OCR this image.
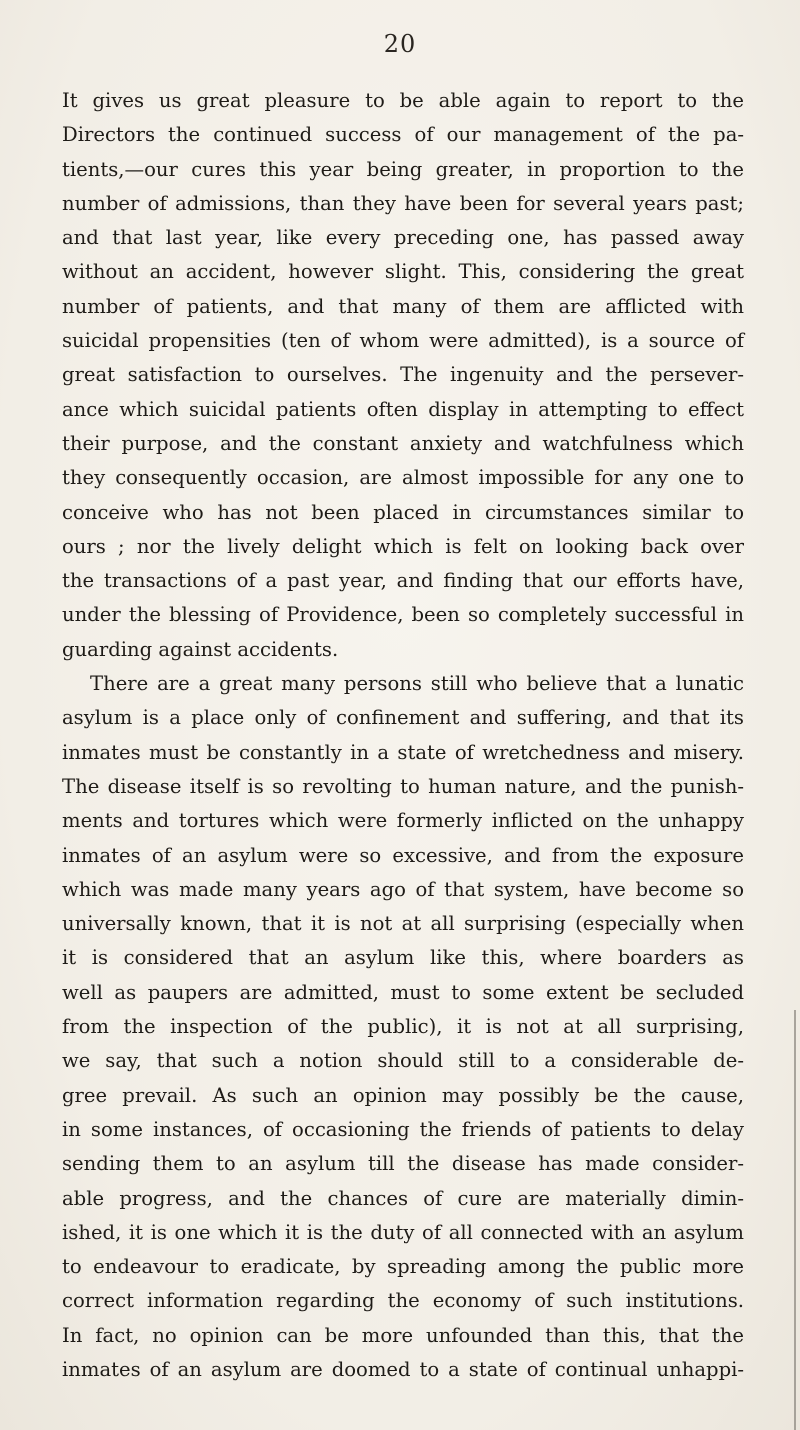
20
It gives us great pleasure to be able again to report to the
Directors the continued success of our management of the pa-
tients,—our cures this year being greater, in proportion to the
number of admissions, than they have been for several years past;
and that last year, like every preceding one, has passed away
without an accident, however slight. This, considering the great
number of patients, and that many of them are afflicted with
suicidal propensities (ten of whom were admitted), is a source of
great satisfaction to ourselves. The ingenuity and the persever-
ance which suicidal patients often display in attempting to effect
their purpose, and the constant anxiety and watchfulness which
they consequently occasion, are almost impossible for any one to
conceive who has not been placed in circumstances similar to
ours ; nor the lively delight which is felt on looking back over
the transactions of a past year, and finding that our efforts have,
under the blessing of Providence, been so completely successful in
guarding against accidents.
There are a great many persons still who believe that a lunatic
asylum is a place only of confinement and suffering, and that its
inmates must be constantly in a state of wretchedness and misery.
The disease itself is so revolting to human nature, and the punish-
ments and tortures which were formerly inflicted on the unhappy
inmates of an asylum were so excessive, and from the exposure
which was made many years ago of that system, have become so
universally known, that it is not at all surprising (especially when
it is considered that an asylum like this, where boarders as
well as paupers are admitted, must to some extent be secluded
from the inspection of the public), it is not at all surprising,
we say, that such a notion should still to a considerable de-
gree prevail. As such an opinion may possibly be the cause,
in some instances, of occasioning the friends of patients to delay
sending them to an asylum till the disease has made consider-
able progress, and the chances of cure are materially dimin-
ished, it is one which it is the duty of all connected with an asylum
to endeavour to eradicate, by spreading among the public more
correct information regarding the economy of such institutions.
In fact, no opinion can be more unfounded than this, that the
inmates of an asylum are doomed to a state of continual unhappi-
